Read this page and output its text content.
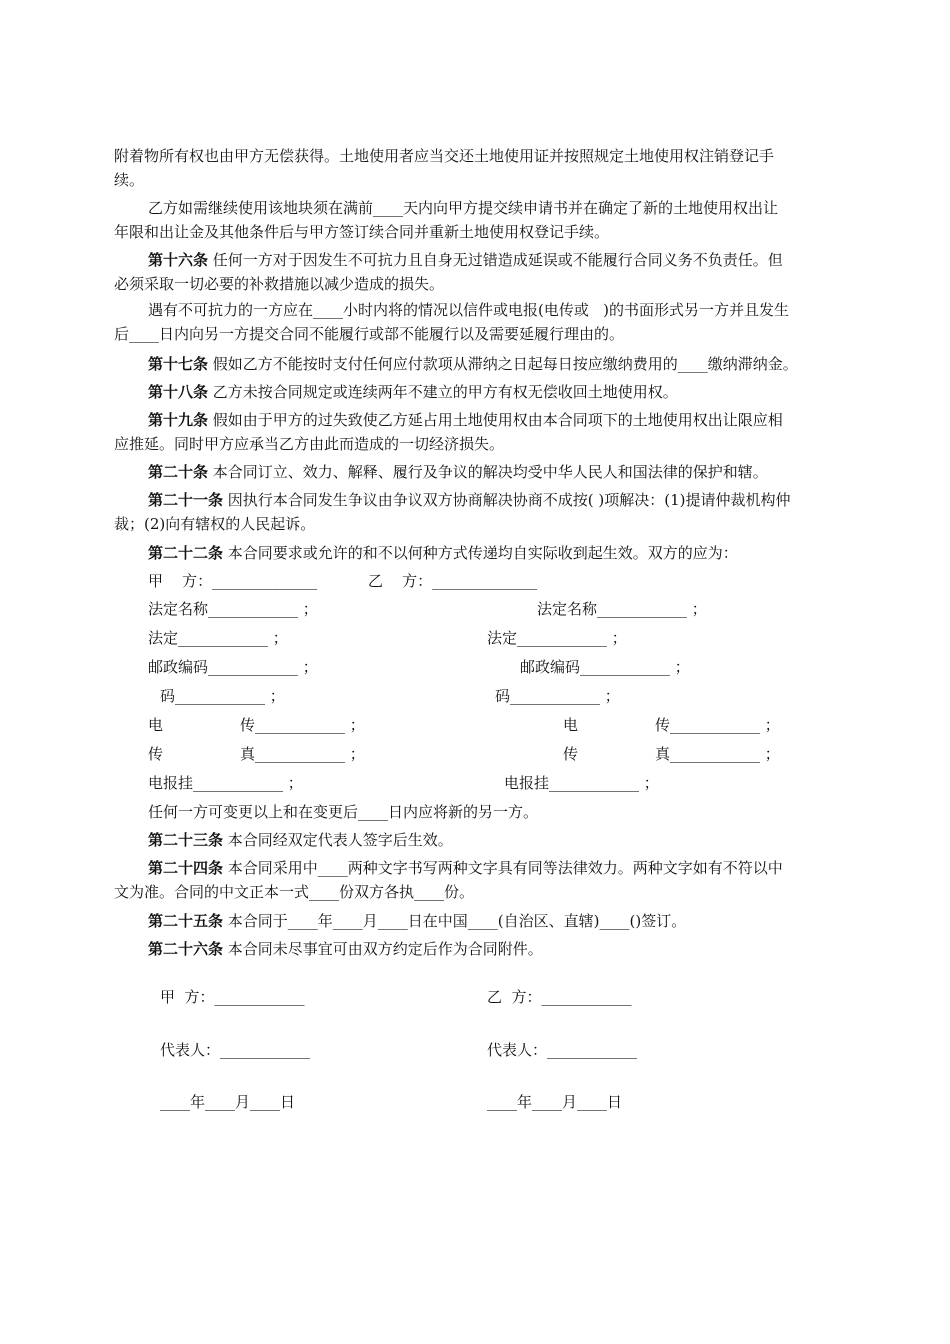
附着物所有权也由甲方无偿获得。土地使用者应当交还土地使用证并按照规定土地使用权注销登记手
续。
乙方如需继续使用该地块须在满前____天内向甲方提交续申请书并在确定了新的土地使用权出让
年限和出让金及其他条件后与甲方签订续合同并重新土地使用权登记手续。
第十六条 任何一方对于因发生不可抗力且自身无过错造成延误或不能履行合同义务不负责任。但
必须采取一切必要的补救措施以减少造成的损失。
遇有不可抗力的一方应在____小时内将的情况以信件或电报(电传或   )的书面形式另一方并且发生
后____日内向另一方提交合同不能履行或部不能履行以及需要延履行理由的。
第十七条 假如乙方不能按时支付任何应付款项从滞纳之日起每日按应缴纳费用的____缴纳滞纳金。
第十八条 乙方未按合同规定或连续两年不建立的甲方有权无偿收回土地使用权。
第十九条 假如由于甲方的过失致使乙方延占用土地使用权由本合同项下的土地使用权出让限应相
应推延。同时甲方应承当乙方由此而造成的一切经济损失。
第二十条 本合同订立、效力、解释、履行及争议的解决均受中华人民人和国法律的保护和辖。
第二十一条 因执行本合同发生争议由争议双方协商解决协商不成按( )项解决：(1)提请仲裁机构仲
裁；(2)向有辖权的人民起诉。
第二十二条 本合同要求或允许的和不以何种方式传递均自实际收到起生效。双方的应为：
甲    方：______________	乙    方：______________
法定名称____________ ；	法定名称____________ ；
法定____________ ；	法定____________ ；
邮政编码____________ ；	邮政编码____________ ；
码____________ ；	码____________ ；
电	传____________ ；	电	传____________ ；
传	真____________ ；	传	真____________ ；
电报挂____________ ；	电报挂____________ ；
任何一方可变更以上和在变更后____日内应将新的另一方。
第二十三条 本合同经双定代表人签字后生效。
第二十四条 本合同采用中____两种文字书写两种文字具有同等法律效力。两种文字如有不符以中
文为准。合同的中文正本一式____份双方各执____份。
第二十五条 本合同于____年____月____日在中国____(自治区、直辖)____()签订。
第二十六条 本合同未尽事宜可由双方约定后作为合同附件。
甲  方：____________	乙  方：____________
代表人：____________	代表人：____________
____年____月____日	____年____月____日
